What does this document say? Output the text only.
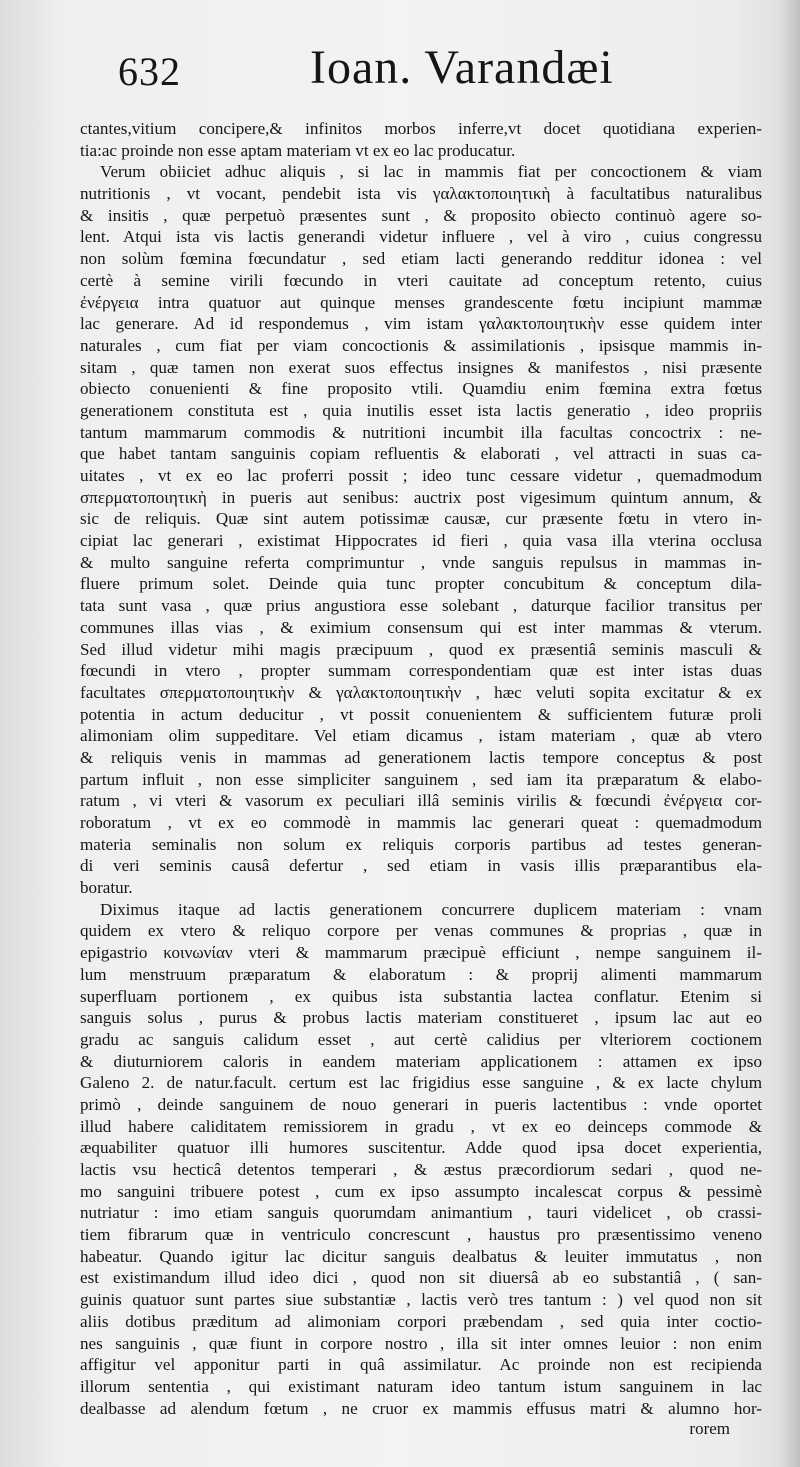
632	Ioan. Varandæi
ctantes,vitium concipere,& infinitos morbos inferre,vt docet quotidiana experien-
tia:ac proinde non esse aptam materiam vt ex eo lac producatur.
Verum obiiciet adhuc aliquis , si lac in mammis fiat per concoctionem & viam
nutritionis , vt vocant, pendebit ista vis γαλακτοποιητικὴ à facultatibus naturalibus
& insitis , quæ perpetuò præsentes sunt , & proposito obiecto continuò agere so-
lent. Atqui ista vis lactis generandi videtur influere , vel à viro , cuius congressu
non solùm fœmina fœcundatur , sed etiam lacti generando redditur idonea : vel
certè à semine virili fœcundo in vteri cauitate ad conceptum retento, cuius
ἐνέργεια intra quatuor aut quinque menses grandescente fœtu incipiunt mammæ
lac generare. Ad id respondemus , vim istam γαλακτοποιητικὴν esse quidem inter
naturales , cum fiat per viam concoctionis & assimilationis , ipsisque mammis in-
sitam , quæ tamen non exerat suos effectus insignes & manifestos , nisi præsente
obiecto conuenienti & fine proposito vtili. Quamdiu enim fœmina extra fœtus
generationem constituta est , quia inutilis esset ista lactis generatio , ideo propriis
tantum mammarum commodis & nutritioni incumbit illa facultas concoctrix : ne-
que habet tantam sanguinis copiam refluentis & elaborati , vel attracti in suas ca-
uitates , vt ex eo lac proferri possit ; ideo tunc cessare videtur , quemadmodum
σπερματοποιητικὴ in pueris aut senibus: auctrix post vigesimum quintum annum, &
sic de reliquis. Quæ sint autem potissimæ causæ, cur præsente fœtu in vtero in-
cipiat lac generari , existimat Hippocrates id fieri , quia vasa illa vterina occlusa
& multo sanguine referta comprimuntur , vnde sanguis repulsus in mammas in-
fluere primum solet. Deinde quia tunc propter concubitum & conceptum dila-
tata sunt vasa , quæ prius angustiora esse solebant , daturque facilior transitus per
communes illas vias , & eximium consensum qui est inter mammas & vterum.
Sed illud videtur mihi magis præcipuum , quod ex præsentiâ seminis masculi &
fœcundi in vtero , propter summam correspondentiam quæ est inter istas duas
facultates σπερματοποιητικὴν & γαλακτοποιητικὴν , hæc veluti sopita excitatur & ex
potentia in actum deducitur , vt possit conuenientem & sufficientem futuræ proli
alimoniam olim suppeditare. Vel etiam dicamus , istam materiam , quæ ab vtero
& reliquis venis in mammas ad generationem lactis tempore conceptus & post
partum influit , non esse simpliciter sanguinem , sed iam ita præparatum & elabo-
ratum , vi vteri & vasorum ex peculiari illâ seminis virilis & fœcundi ἐνέργεια cor-
roboratum , vt ex eo commodè in mammis lac generari queat : quemadmodum
materia seminalis non solum ex reliquis corporis partibus ad testes generan-
di veri seminis causâ defertur , sed etiam in vasis illis præparantibus ela-
boratur.
Diximus itaque ad lactis generationem concurrere duplicem materiam : vnam
quidem ex vtero & reliquo corpore per venas communes & proprias , quæ in
epigastrio κοινωνίαν vteri & mammarum præcipuè efficiunt , nempe sanguinem il-
lum menstruum præparatum & elaboratum : & proprij alimenti mammarum
superfluam portionem , ex quibus ista substantia lactea conflatur. Etenim si
sanguis solus , purus & probus lactis materiam constitueret , ipsum lac aut eo
gradu ac sanguis calidum esset , aut certè calidius per vlteriorem coctionem
& diuturniorem caloris in eandem materiam applicationem : attamen ex ipso
Galeno 2. de natur.facult. certum est lac frigidius esse sanguine , & ex lacte chylum
primò , deinde sanguinem de nouo generari in pueris lactentibus : vnde oportet
illud habere caliditatem remissiorem in gradu , vt ex eo deinceps commode &
æquabiliter quatuor illi humores suscitentur. Adde quod ipsa docet experientia,
lactis vsu hecticâ detentos temperari , & æstus præcordiorum sedari , quod ne-
mo sanguini tribuere potest , cum ex ipso assumpto incalescat corpus & pessimè
nutriatur : imo etiam sanguis quorumdam animantium , tauri videlicet , ob crassi-
tiem fibrarum quæ in ventriculo concrescunt , haustus pro præsentissimo veneno
habeatur. Quando igitur lac dicitur sanguis dealbatus & leuiter immutatus , non
est existimandum illud ideo dici , quod non sit diuersâ ab eo substantiâ , ( san-
guinis quatuor sunt partes siue substantiæ , lactis verò tres tantum : ) vel quod non sit
aliis dotibus præditum ad alimoniam corpori præbendam , sed quia inter coctio-
nes sanguinis , quæ fiunt in corpore nostro , illa sit inter omnes leuior : non enim
affigitur vel apponitur parti in quâ assimilatur. Ac proinde non est recipienda
illorum sententia , qui existimant naturam ideo tantum istum sanguinem in lac
dealbasse ad alendum fœtum , ne cruor ex mammis effusus matri & alumno hor-
rorem
